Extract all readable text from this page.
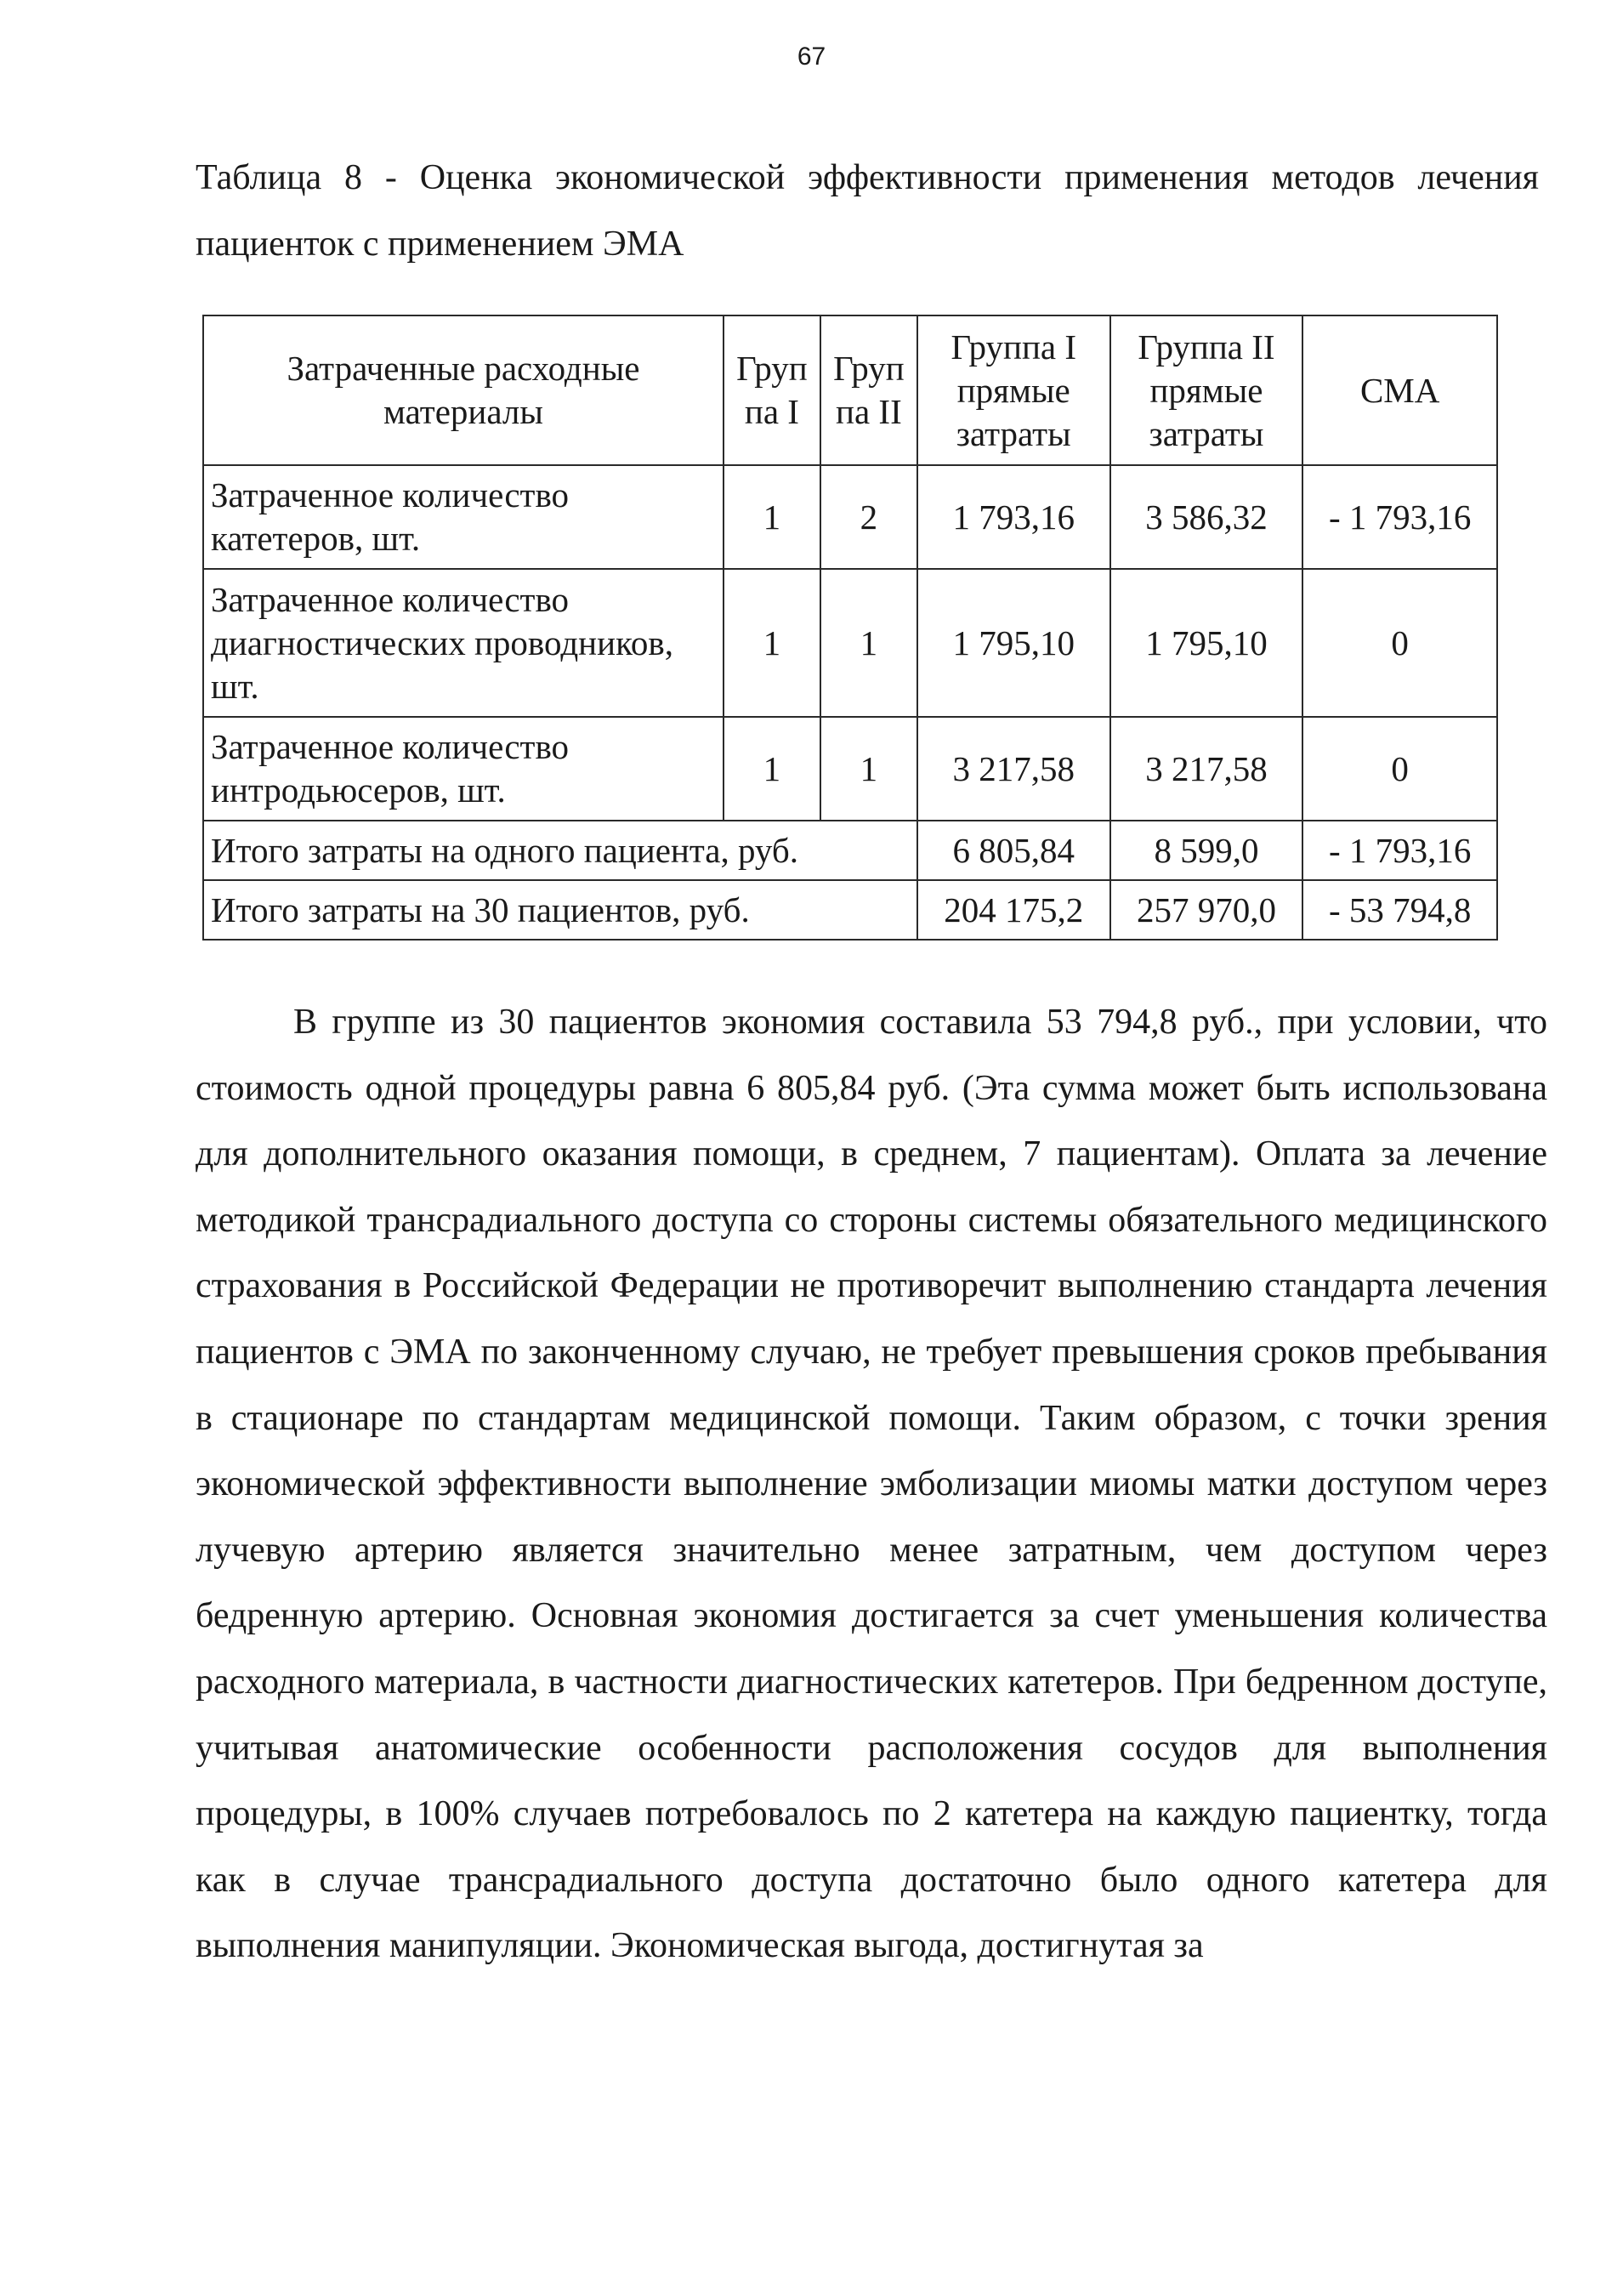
67
Таблица 8 - Оценка экономической эффективности применения методов лечения пациенток с применением ЭМА
Затраченные расходные материалы	Груп па I	Груп па II	Группа I прямые затраты	Группа II прямые затраты	СМА
Затраченное количество катетеров, шт.	1	2	1 793,16	3 586,32	- 1 793,16
Затраченное количество диагностических проводников, шт.	1	1	1 795,10	1 795,10	0
Затраченное количество интродьюсеров, шт.	1	1	3 217,58	3 217,58	0
Итого затраты на одного пациента, руб.			6 805,84	8 599,0	- 1 793,16
Итого затраты на 30 пациентов, руб.			204 175,2	257 970,0	- 53 794,8

В группе из 30 пациентов экономия составила 53 794,8 руб., при условии, что стоимость одной процедуры равна 6 805,84 руб. (Эта сумма может быть использована для дополнительного оказания помощи, в среднем, 7 пациентам). Оплата за лечение методикой трансрадиального доступа со стороны системы обязательного медицинского страхования в Российской Федерации не противоречит выполнению стандарта лечения пациентов с ЭМА по законченному случаю, не требует превышения сроков пребывания в стационаре по стандартам медицинской помощи. Таким образом, с точки зрения экономической эффективности выполнение эмболизации миомы матки доступом через лучевую артерию является значительно менее затратным, чем доступом через бедренную артерию. Основная экономия достигается за счет уменьшения количества расходного материала, в частности диагностических катетеров. При бедренном доступе, учитывая анатомические особенности расположения сосудов для выполнения процедуры, в 100% случаев потребовалось по 2 катетера на каждую пациентку, тогда как в случае трансрадиального доступа достаточно было одного катетера для выполнения манипуляции. Экономическая выгода, достигнутая за
